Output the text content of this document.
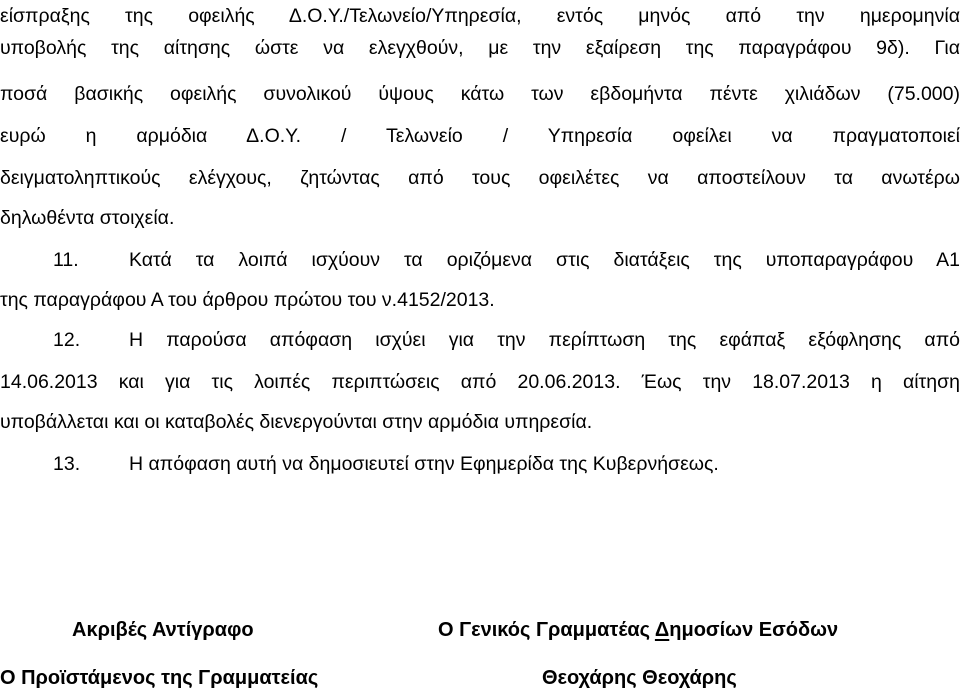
είσπραξης της οφειλής Δ.Ο.Υ./Τελωνείο/Υπηρεσία, εντός μηνός από την ημερομηνία
υποβολής της αίτησης ώστε να ελεγχθούν, με την εξαίρεση της παραγράφου 9δ). Για
ποσά βασικής οφειλής συνολικού ύψους κάτω των εβδομήντα πέντε χιλιάδων (75.000)
ευρώ η αρμόδια Δ.Ο.Υ. / Τελωνείο / Υπηρεσία οφείλει να πραγματοποιεί
δειγματοληπτικούς ελέγχους, ζητώντας από τους οφειλέτες να αποστείλουν τα ανωτέρω
δηλωθέντα στοιχεία.
11.	Κατά τα λοιπά ισχύουν τα οριζόμενα στις διατάξεις της υποπαραγράφου Α1
της παραγράφου Α του άρθρου πρώτου του ν.4152/2013.
12.	Η παρούσα απόφαση ισχύει για την περίπτωση της εφάπαξ εξόφλησης από
14.06.2013 και για τις λοιπές περιπτώσεις από 20.06.2013. Έως την 18.07.2013 η αίτηση
υποβάλλεται και οι καταβολές διενεργούνται στην αρμόδια υπηρεσία.
13.	Η απόφαση αυτή να δημοσιευτεί στην Εφημερίδα της Κυβερνήσεως.
Ακριβές Αντίγραφο	Ο Γενικός Γραμματέας Δημοσίων Εσόδων
Ο Προϊστάμενος της Γραμματείας	Θεοχάρης Θεοχάρης
